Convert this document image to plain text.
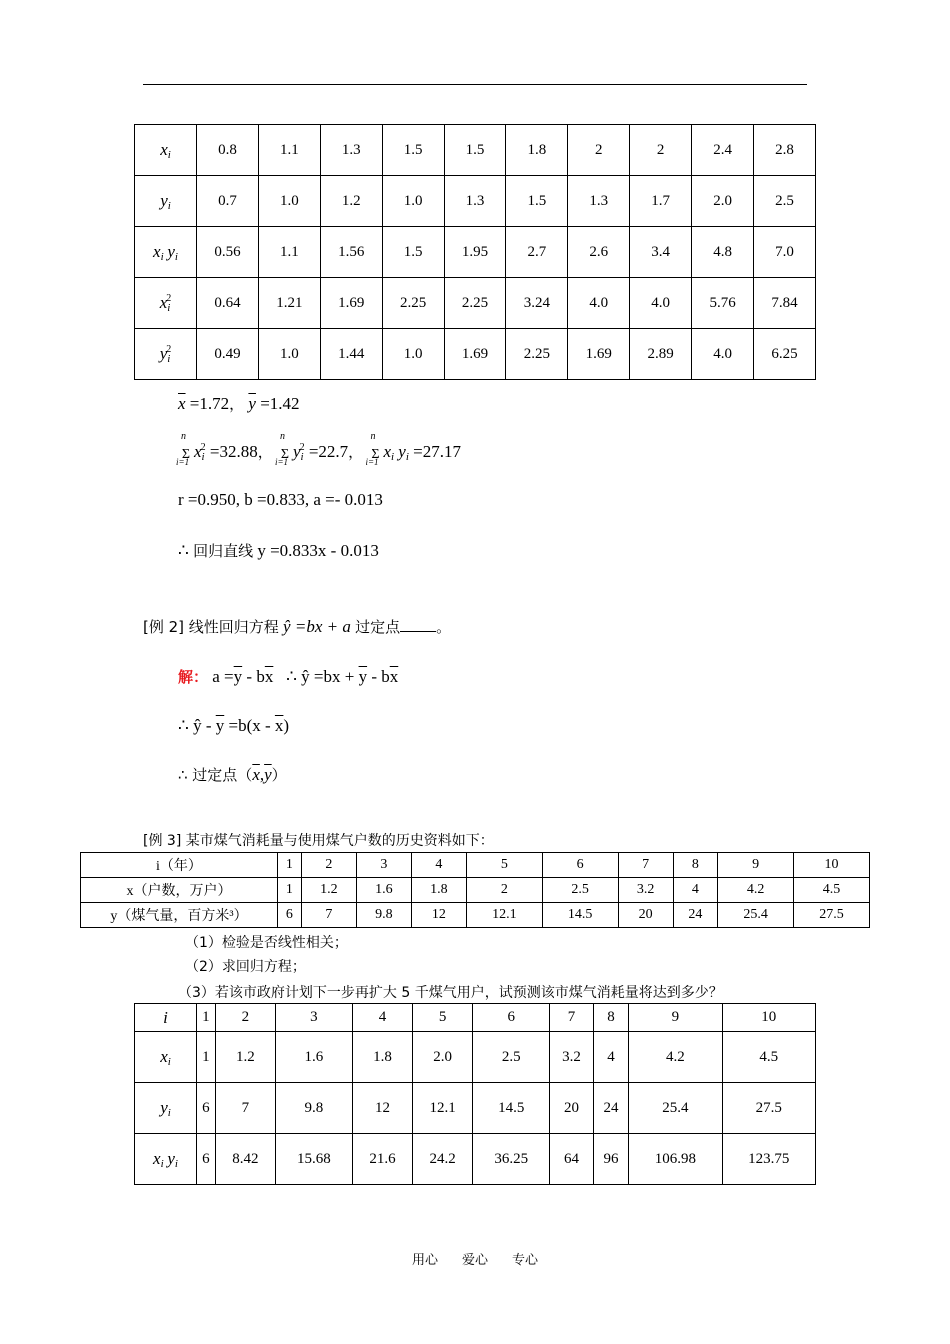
$x_i$	0.8	1.1	1.3	1.5	1.5	1.8	2	2	2.4	2.8
$y_i$	0.7	1.0	1.2	1.0	1.3	1.5	1.3	1.7	2.0	2.5
$x_i$ $y_i$	0.56	1.1	1.56	1.5	1.95	2.7	2.6	3.4	4.8	7.0
$x_i^2$	0.64	1.21	1.69	2.25	2.25	3.24	4.0	4.0	5.76	7.84
$y_i^2$	0.49	1.0	1.44	1.0	1.69	2.25	1.69	2.89	4.0	6.25
$\overline{x} =1.72$， $\overline{y} =1.42$
n
Σ
i=1
$x_i^2 =32.88$，
n
Σ
i=1
$y_i^2 =22.7$，
n
Σ
i=1
$x_i$ $y_i =27.17$
r =0.950, b =0.833, a =- 0.013
∴ 回归直线 y =0.833x - 0.013
[例 2] 线性回归方程 ŷ =bx + a 过定点 。
解： $a =\overline{y} - b\overline{x}$ ∴ ŷ $=bx + \overline{y} - b\overline{x}$
∴ ŷ - $\overline{y} =b(x - \overline{x})$
∴ 过定点$(\overline{x},\overline{y})$
[例 3] 某市煤气消耗量与使用煤气户数的历史资料如下：
i（年）	1	2	3	4	5	6	7	8	9	10
x（户数，万户）	1	1.2	1.6	1.8	2	2.5	3.2	4	4.2	4.5
y（煤气量，百方米³）	6	7	9.8	12	12.1	14.5	20	24	25.4	27.5
（1）检验是否线性相关；
（2）求回归方程；
（3）若该市政府计划下一步再扩大 5 千煤气用户，试预测该市煤气消耗量将达到多少？
i	1	2	3	4	5	6	7	8	9	10
$x_i$	1	1.2	1.6	1.8	2.0	2.5	3.2	4	4.2	4.5
$y_i$	6	7	9.8	12	12.1	14.5	20	24	25.4	27.5
$x_i$ $y_i$	6	8.42	15.68	21.6	24.2	36.25	64	96	106.98	123.75
用心 爱心 专心
